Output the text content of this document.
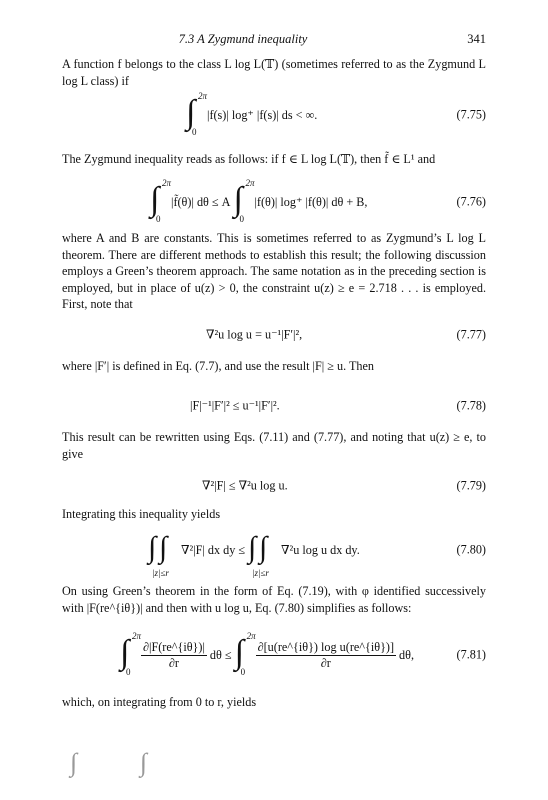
7.3 A Zygmund inequality	341

A function f belongs to the class L log L(𝕋) (sometimes referred to as the Zygmund L log L class) if

∫ 2π
0
|f(s)| log⁺ |f(s)| ds < ∞.	(7.75)

The Zygmund inequality reads as follows: if f ∈ L log L(𝕋), then f̃ ∈ L¹ and

∫ 2π
0
|f̃(θ)| dθ ≤ A ∫ 2π
0
|f(θ)| log⁺ |f(θ)| dθ + B,	(7.76)

where A and B are constants. This is sometimes referred to as Zygmund’s L log L theorem. There are different methods to establish this result; the following discussion employs a Green’s theorem approach. The same notation as in the preceding section is employed, but in place of u(z) > 0, the constraint u(z) ≥ e = 2.718 . . . is employed. First, note that

∇²u log u = u⁻¹|F′|²,	(7.77)

where |F′| is defined in Eq. (7.7), and use the result |F| ≥ u. Then

|F|⁻¹|F′|² ≤ u⁻¹|F′|².	(7.78)

This result can be rewritten using Eqs. (7.11) and (7.77), and noting that u(z) ≥ e, to give

∇²|F| ≤ ∇²u log u.	(7.79)

Integrating this inequality yields

∫ ∫
|z|≤r
∇²|F| dx dy ≤ ∫ ∫
|z|≤r
∇²u log u dx dy.	(7.80)

On using Green’s theorem in the form of Eq. (7.19), with φ identified successively with |F(re^{iθ})| and then with u log u, Eq. (7.80) simplifies as follows:

∫ 2π
0
$\frac{\partial|F(re\^{}\{i\theta\})|}{\partial r}$ dθ ≤ ∫ 2π
0
$\frac{\text{∂[u(re\textasciicircum{}\{iθ\}) log u(re\textasciicircum{}\{iθ\})]}}{\partial r} d\theta$,	(7.81)

which, on integrating from 0 to r, yields

∫ ∫
